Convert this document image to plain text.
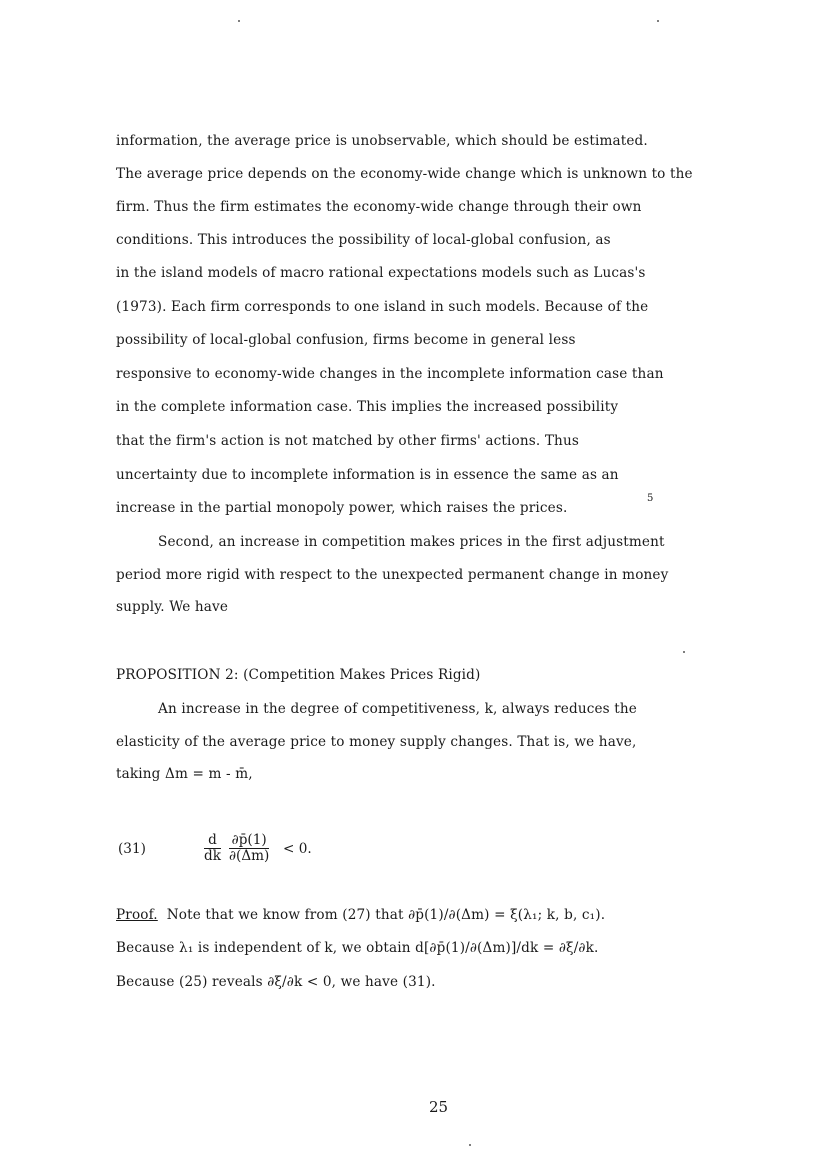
information, the average price is unobservable, which should be estimated.
The average price depends on the economy-wide change which is unknown to the
firm. Thus the firm estimates the economy-wide change through their own
conditions. This introduces the possibility of local-global confusion, as
in the island models of macro rational expectations models such as Lucas's
(1973). Each firm corresponds to one island in such models. Because of the
possibility of local-global confusion, firms become in general less
responsive to economy-wide changes in the incomplete information case than
in the complete information case. This implies the increased possibility
that the firm's action is not matched by other firms' actions. Thus
uncertainty due to incomplete information is in essence the same as an
increase in the partial monopoly power, which raises the prices.
5
Second, an increase in competition makes prices in the first adjustment
period more rigid with respect to the unexpected permanent change in money
supply. We have
PROPOSITION 2: (Competition Makes Prices Rigid)
An increase in the degree of competitiveness, k, always reduces the
elasticity of the average price to money supply changes. That is, we have,
taking Δm = m - m̄,
(31)	$\frac{d}{dk} \frac{\partial p̄(1)}{\partial(\Delta m)} < 0$.
Proof.  Note that we know from (27) that ∂p̄(1)/∂(Δm) = ξ(λ₁; k, b, c₁).
Because λ₁ is independent of k, we obtain d[∂p̄(1)/∂(Δm)]/dk = ∂ξ/∂k.
Because (25) reveals ∂ξ/∂k < 0, we have (31).
25
